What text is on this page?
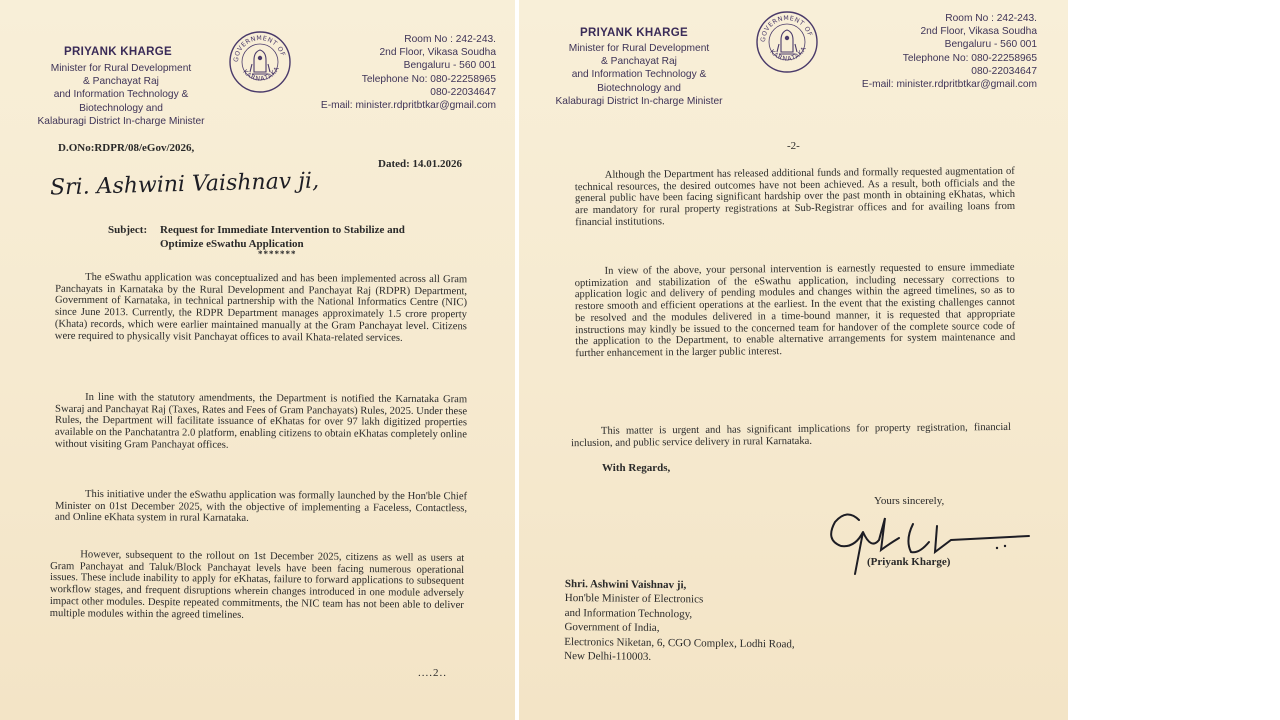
PRIYANK KHARGE
Minister for Rural Development
& Panchayat Raj
and Information Technology &
Biotechnology and
Kalaburagi District In-charge Minister
GOVERNMENT OF
KARNATAKA
Room No : 242-243.
2nd Floor, Vikasa Soudha
Bengaluru - 560 001
Telephone No: 080-22258965
080-22034647
E-mail: minister.rdpritbtkar@gmail.com
D.ONo:RDPR/08/eGov/2026,
Dated: 14.01.2026
Sri. Ashwini Vaishnav ji,
Subject: Request for Immediate Intervention to Stabilize and Optimize eSwathu Application
*******

The eSwathu application was conceptualized and has been implemented across all Gram Panchayats in Karnataka by the Rural Development and Panchayat Raj (RDPR) Department, Government of Karnataka, in technical partnership with the National Informatics Centre (NIC) since June 2013. Currently, the RDPR Department manages approximately 1.5 crore property (Khata) records, which were earlier maintained manually at the Gram Panchayat level. Citizens were required to physically visit Panchayat offices to avail Khata-related services.

In line with the statutory amendments, the Department is notified the Karnataka Gram Swaraj and Panchayat Raj (Taxes, Rates and Fees of Gram Panchayats) Rules, 2025. Under these Rules, the Department will facilitate issuance of eKhatas for over 97 lakh digitized properties available on the Panchatantra 2.0 platform, enabling citizens to obtain eKhatas completely online without visiting Gram Panchayat offices.

This initiative under the eSwathu application was formally launched by the Hon'ble Chief Minister on 01st December 2025, with the objective of implementing a Faceless, Contactless, and Online eKhata system in rural Karnataka.

However, subsequent to the rollout on 1st December 2025, citizens as well as users at Gram Panchayat and Taluk/Block Panchayat levels have been facing numerous operational issues. These include inability to apply for eKhatas, failure to forward applications to subsequent workflow stages, and frequent disruptions wherein changes introduced in one module adversely impact other modules. Despite repeated commitments, the NIC team has not been able to deliver multiple modules within the agreed timelines.

....2..
PRIYANK KHARGE
Minister for Rural Development
& Panchayat Raj
and Information Technology &
Biotechnology and
Kalaburagi District In-charge Minister
GOVERNMENT OF
KARNATAKA
Room No : 242-243.
2nd Floor, Vikasa Soudha
Bengaluru - 560 001
Telephone No: 080-22258965
080-22034647
E-mail: minister.rdpritbtkar@gmail.com
-2-

Although the Department has released additional funds and formally requested augmentation of technical resources, the desired outcomes have not been achieved. As a result, both officials and the general public have been facing significant hardship over the past month in obtaining eKhatas, which are mandatory for rural property registrations at Sub-Registrar offices and for availing loans from financial institutions.

In view of the above, your personal intervention is earnestly requested to ensure immediate optimization and stabilization of the eSwathu application, including necessary corrections to application logic and delivery of pending modules and changes within the agreed timelines, so as to restore smooth and efficient operations at the earliest. In the event that the existing challenges cannot be resolved and the modules delivered in a time-bound manner, it is requested that appropriate instructions may kindly be issued to the concerned team for handover of the complete source code of the application to the Department, to enable alternative arrangements for system maintenance and further enhancement in the larger public interest.

This matter is urgent and has significant implications for property registration, financial inclusion, and public service delivery in rural Karnataka.

With Regards,
Yours sincerely,
(Priyank Kharge)
Shri. Ashwini Vaishnav ji,
Hon'ble Minister of Electronics
and Information Technology,
Government of India,
Electronics Niketan, 6, CGO Complex, Lodhi Road,
New Delhi-110003.
